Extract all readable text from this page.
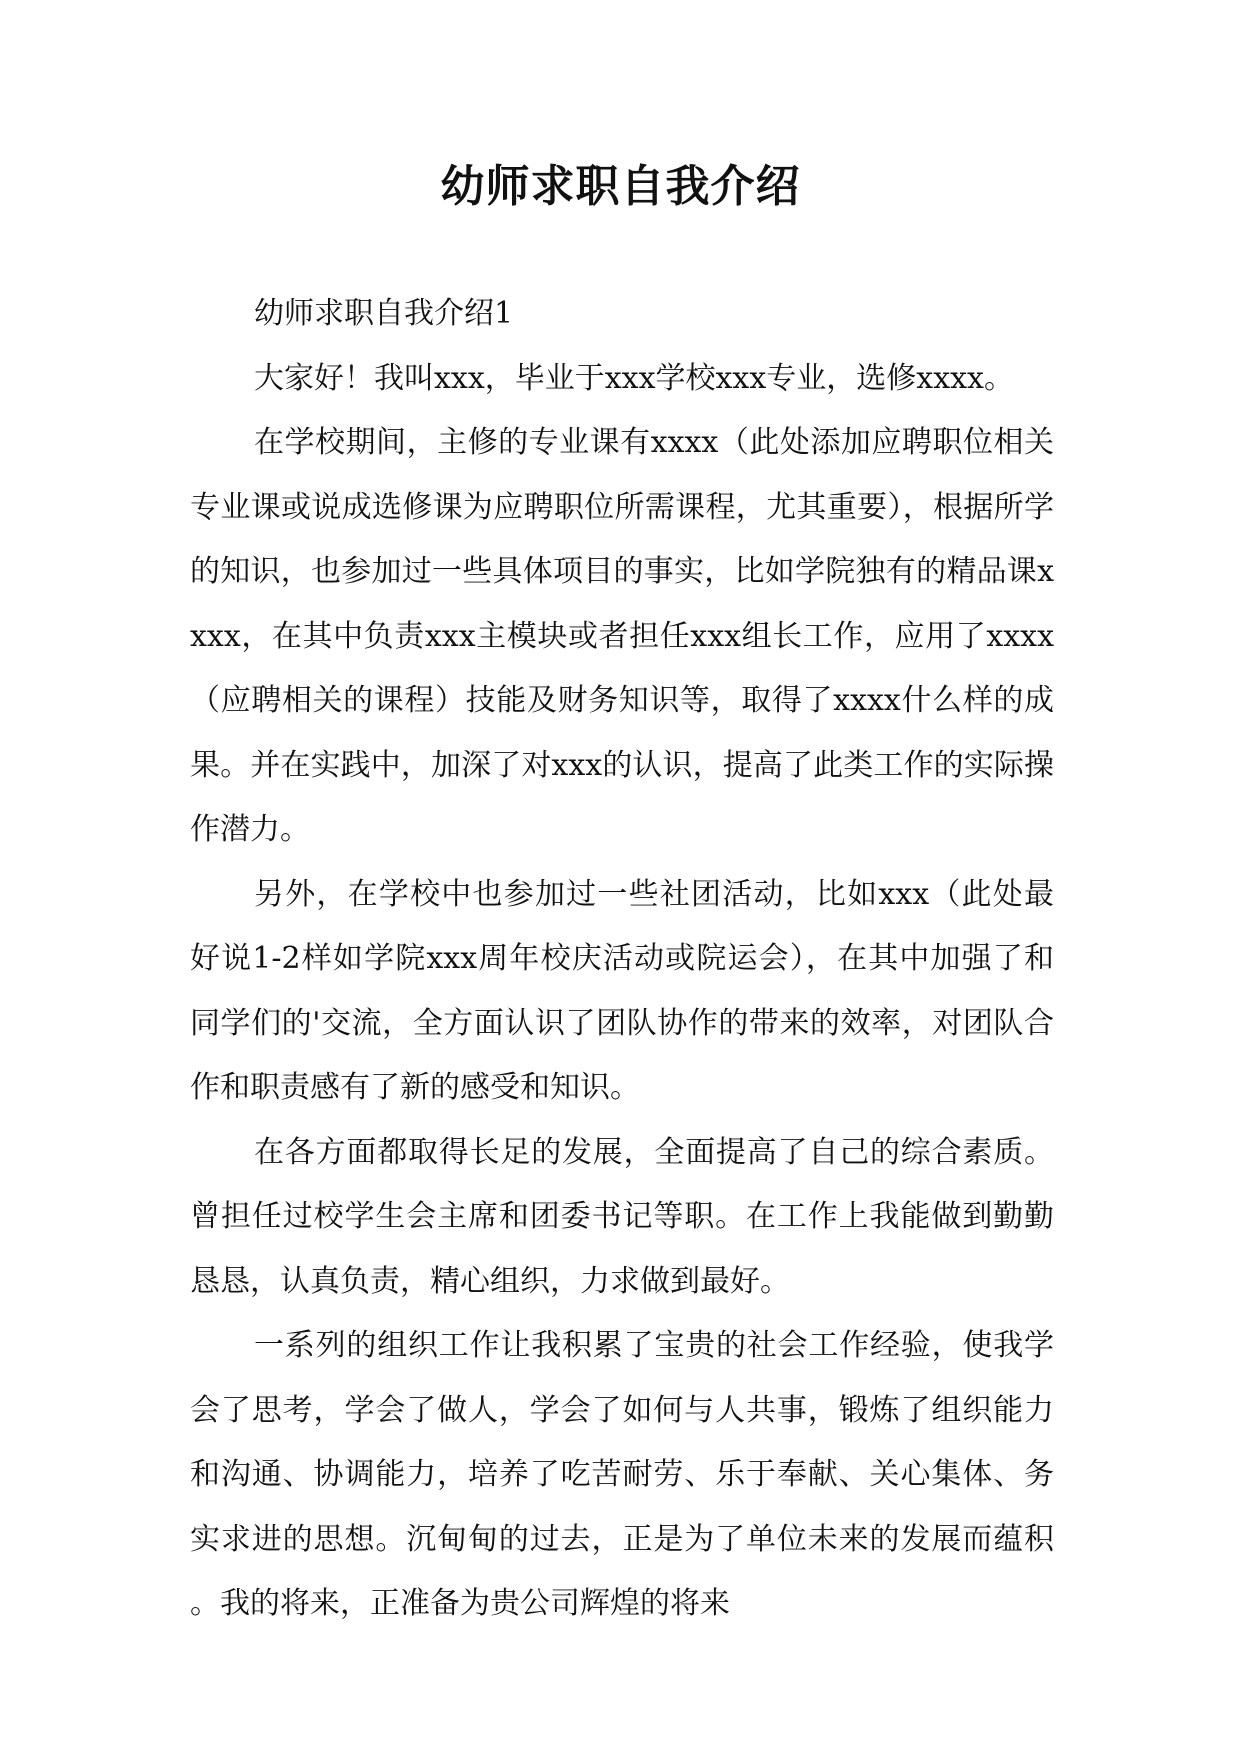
幼师求职自我介绍

幼师求职自我介绍1

大家好！我叫xxx，毕业于xxx学校xxx专业，选修xxxx。

在学校期间，主修的专业课有xxxx（此处添加应聘职位相关专业课或说成选修课为应聘职位所需课程，尤其重要），根据所学的知识，也参加过一些具体项目的事实，比如学院独有的精品课xxxx，在其中负责xxx主模块或者担任xxx组长工作，应用了xxxx（应聘相关的课程）技能及财务知识等，取得了xxxx什么样的成果。并在实践中，加深了对xxx的认识，提高了此类工作的实际操作潜力。

另外，在学校中也参加过一些社团活动，比如xxx（此处最好说1-2样如学院xxx周年校庆活动或院运会），在其中加强了和同学们的'交流，全方面认识了团队协作的带来的效率，对团队合作和职责感有了新的感受和知识。

在各方面都取得长足的发展，全面提高了自己的综合素质。曾担任过校学生会主席和团委书记等职。在工作上我能做到勤勤恳恳，认真负责，精心组织，力求做到最好。

一系列的组织工作让我积累了宝贵的社会工作经验，使我学会了思考，学会了做人，学会了如何与人共事，锻炼了组织能力和沟通、协调能力，培养了吃苦耐劳、乐于奉献、关心集体、务实求进的思想。沉甸甸的过去，正是为了单位未来的发展而蕴积。我的将来，正准备为贵公司辉煌的将来
